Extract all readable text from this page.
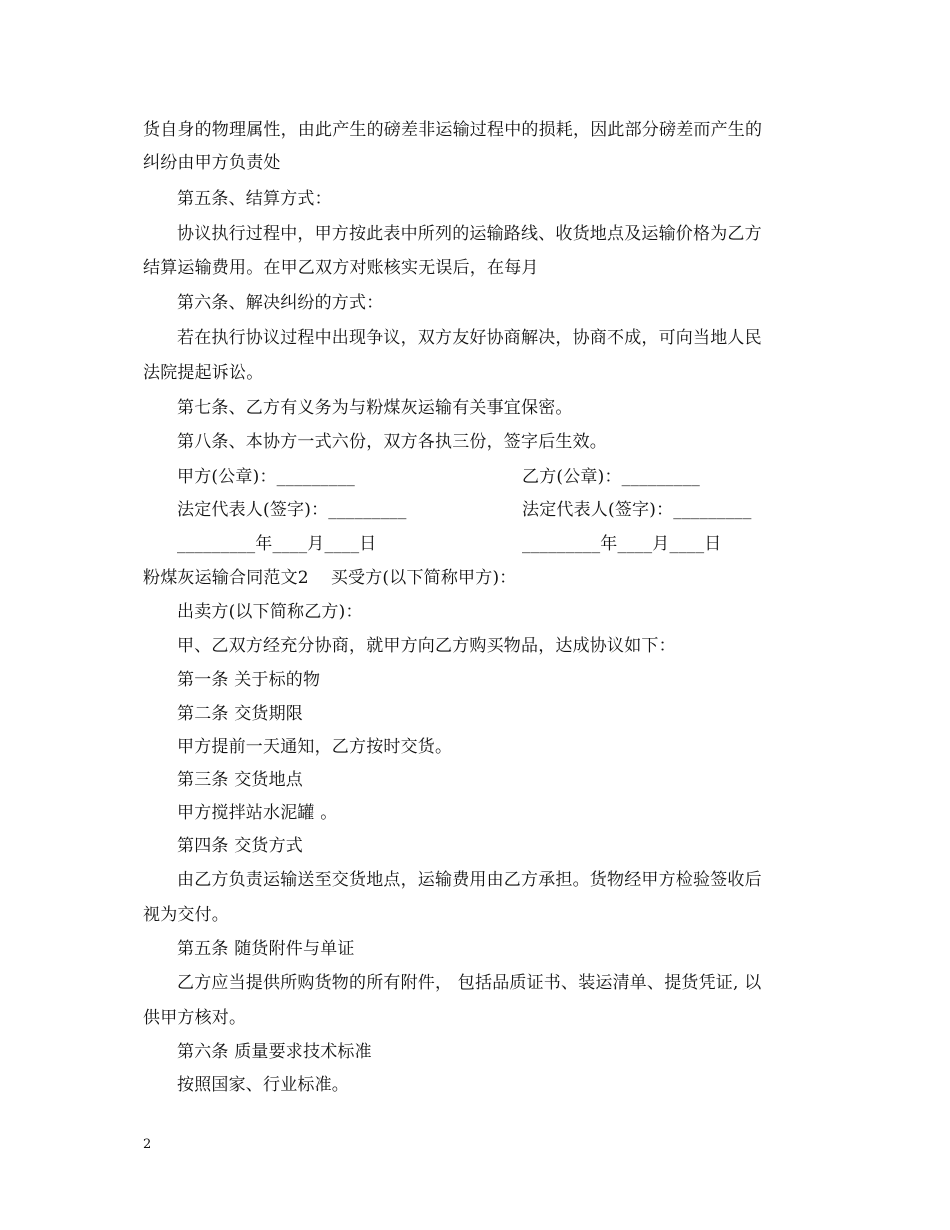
货自身的物理属性，由此产生的磅差非运输过程中的损耗，因此部分磅差而产生的
纠纷由甲方负责处
第五条、结算方式：
协议执行过程中，甲方按此表中所列的运输路线、收货地点及运输价格为乙方
结算运输费用。在甲乙双方对账核实无误后，在每月
第六条、解决纠纷的方式：
若在执行协议过程中出现争议，双方友好协商解决，协商不成，可向当地人民
法院提起诉讼。
第七条、乙方有义务为与粉煤灰运输有关事宜保密。
第八条、本协方一式六份，双方各执三份，签字后生效。
甲方(公章)：_________	乙方(公章)：_________
法定代表人(签字)：_________	法定代表人(签字)：_________
_________年____月____日	_________年____月____日
粉煤灰运输合同范文2 买受方(以下简称甲方)：
出卖方(以下简称乙方)：
甲、乙双方经充分协商，就甲方向乙方购买物品，达成协议如下：
第一条 关于标的物
第二条 交货期限
甲方提前一天通知，乙方按时交货。
第三条 交货地点
甲方搅拌站水泥罐 。
第四条 交货方式
由乙方负责运输送至交货地点，运输费用由乙方承担。货物经甲方检验签收后
视为交付。
第五条 随货附件与单证
乙方应当提供所购货物的所有附件， 包括品质证书、装运清单、提货凭证, 以
供甲方核对。
第六条 质量要求技术标准
按照国家、行业标准。
2
